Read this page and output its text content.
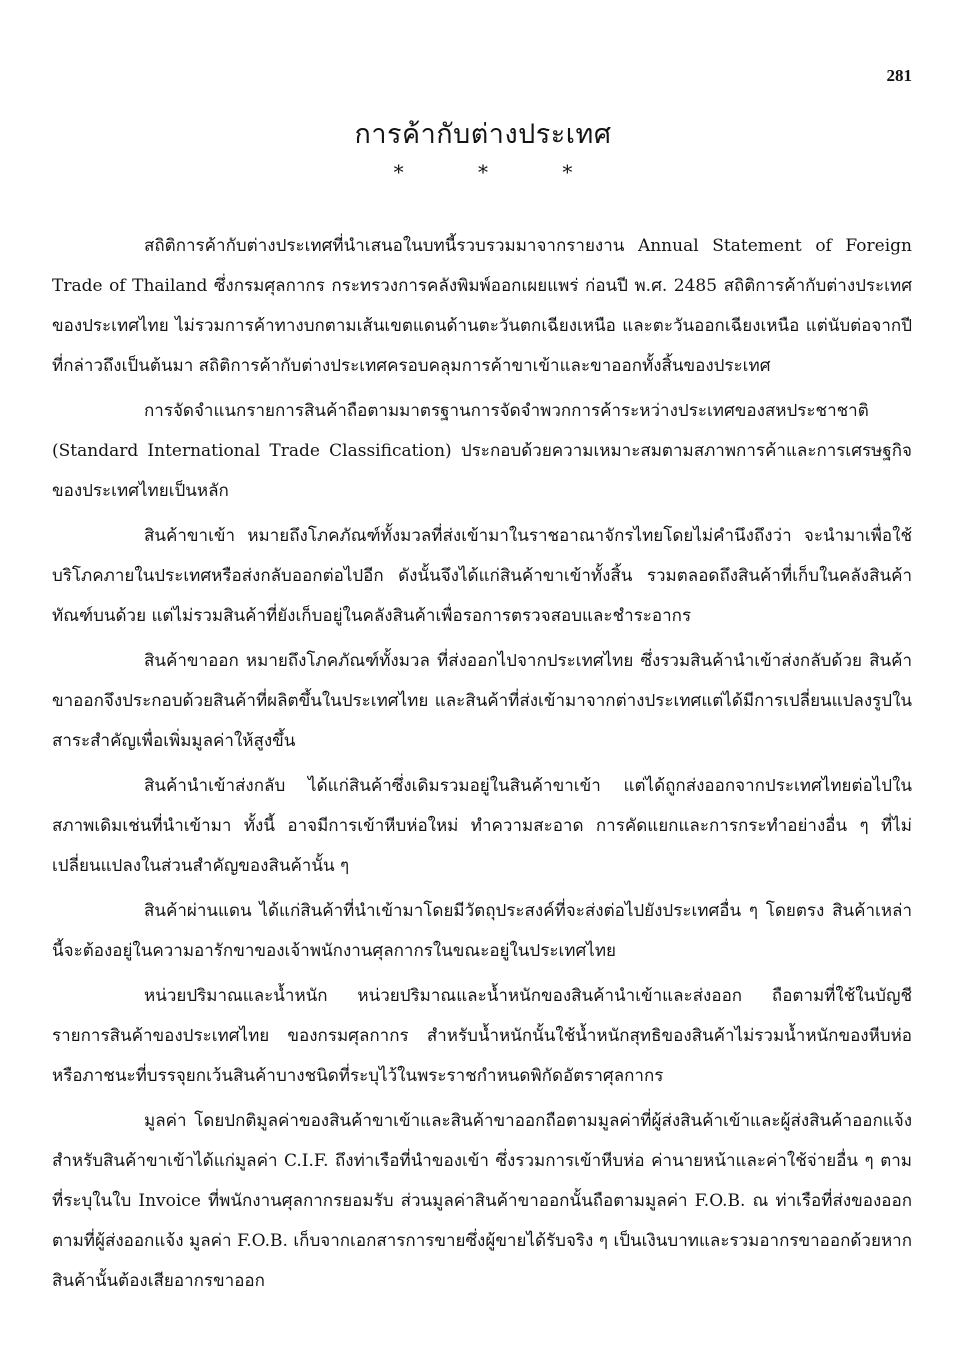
281
การค้ากับต่างประเทศ
* * *

สถิติการค้ากับต่างประเทศที่นำเสนอในบทนี้รวบรวมมาจากรายงาน Annual Statement of Foreign Trade of Thailand ซึ่งกรมศุลกากร กระทรวงการคลังพิมพ์ออกเผยแพร่ ก่อนปี พ.ศ. 2485 สถิติการค้ากับต่างประเทศของประเทศไทย ไม่รวมการค้าทางบกตามเส้นเขตแดนด้านตะวันตกเฉียงเหนือ และตะวันออกเฉียงเหนือ แต่นับต่อจากปีที่กล่าวถึงเป็นต้นมา สถิติการค้ากับต่างประเทศครอบคลุมการค้าขาเข้าและขาออกทั้งสิ้นของประเทศ

การจัดจำแนกรายการสินค้าถือตามมาตรฐานการจัดจำพวกการค้าระหว่างประเทศของสหประชาชาติ (Standard International Trade Classification) ประกอบด้วยความเหมาะสมตามสภาพการค้าและการเศรษฐกิจของประเทศไทยเป็นหลัก

สินค้าขาเข้า หมายถึงโภคภัณฑ์ทั้งมวลที่ส่งเข้ามาในราชอาณาจักรไทยโดยไม่คำนึงถึงว่า จะนำมาเพื่อใช้บริโภคภายในประเทศหรือส่งกลับออกต่อไปอีก ดังนั้นจึงได้แก่สินค้าขาเข้าทั้งสิ้น รวมตลอดถึงสินค้าที่เก็บในคลังสินค้าทัณฑ์บนด้วย แต่ไม่รวมสินค้าที่ยังเก็บอยู่ในคลังสินค้าเพื่อรอการตรวจสอบและชำระอากร

สินค้าขาออก หมายถึงโภคภัณฑ์ทั้งมวล ที่ส่งออกไปจากประเทศไทย ซึ่งรวมสินค้านำเข้าส่งกลับด้วย สินค้าขาออกจึงประกอบด้วยสินค้าที่ผลิตขึ้นในประเทศไทย และสินค้าที่ส่งเข้ามาจากต่างประเทศแต่ได้มีการเปลี่ยนแปลงรูปในสาระสำคัญเพื่อเพิ่มมูลค่าให้สูงขึ้น

สินค้านำเข้าส่งกลับ ได้แก่สินค้าซึ่งเดิมรวมอยู่ในสินค้าขาเข้า แต่ได้ถูกส่งออกจากประเทศไทยต่อไปในสภาพเดิมเช่นที่นำเข้ามา ทั้งนี้ อาจมีการเข้าหีบห่อใหม่ ทำความสะอาด การคัดแยกและการกระทำอย่างอื่น ๆ ที่ไม่เปลี่ยนแปลงในส่วนสำคัญของสินค้านั้น ๆ

สินค้าผ่านแดน ได้แก่สินค้าที่นำเข้ามาโดยมีวัตถุประสงค์ที่จะส่งต่อไปยังประเทศอื่น ๆ โดยตรง สินค้าเหล่านี้จะต้องอยู่ในความอารักขาของเจ้าพนักงานศุลกากรในขณะอยู่ในประเทศไทย

หน่วยปริมาณและน้ำหนัก หน่วยปริมาณและน้ำหนักของสินค้านำเข้าและส่งออก ถือตามที่ใช้ในบัญชีรายการสินค้าของประเทศไทย ของกรมศุลกากร สำหรับน้ำหนักนั้นใช้น้ำหนักสุทธิของสินค้าไม่รวมน้ำหนักของหีบห่อหรือภาชนะที่บรรจุยกเว้นสินค้าบางชนิดที่ระบุไว้ในพระราชกำหนดพิกัดอัตราศุลกากร

มูลค่า โดยปกติมูลค่าของสินค้าขาเข้าและสินค้าขาออกถือตามมูลค่าที่ผู้ส่งสินค้าเข้าและผู้ส่งสินค้าออกแจ้ง สำหรับสินค้าขาเข้าได้แก่มูลค่า C.I.F. ถึงท่าเรือที่นำของเข้า ซึ่งรวมการเข้าหีบห่อ ค่านายหน้าและค่าใช้จ่ายอื่น ๆ ตามที่ระบุในใบ Invoice ที่พนักงานศุลกากรยอมรับ ส่วนมูลค่าสินค้าขาออกนั้นถือตามมูลค่า F.O.B. ณ ท่าเรือที่ส่งของออกตามที่ผู้ส่งออกแจ้ง มูลค่า F.O.B. เก็บจากเอกสารการขายซึ่งผู้ขายได้รับจริง ๆ เป็นเงินบาทและรวมอากรขาออกด้วยหากสินค้านั้นต้องเสียอากรขาออก
